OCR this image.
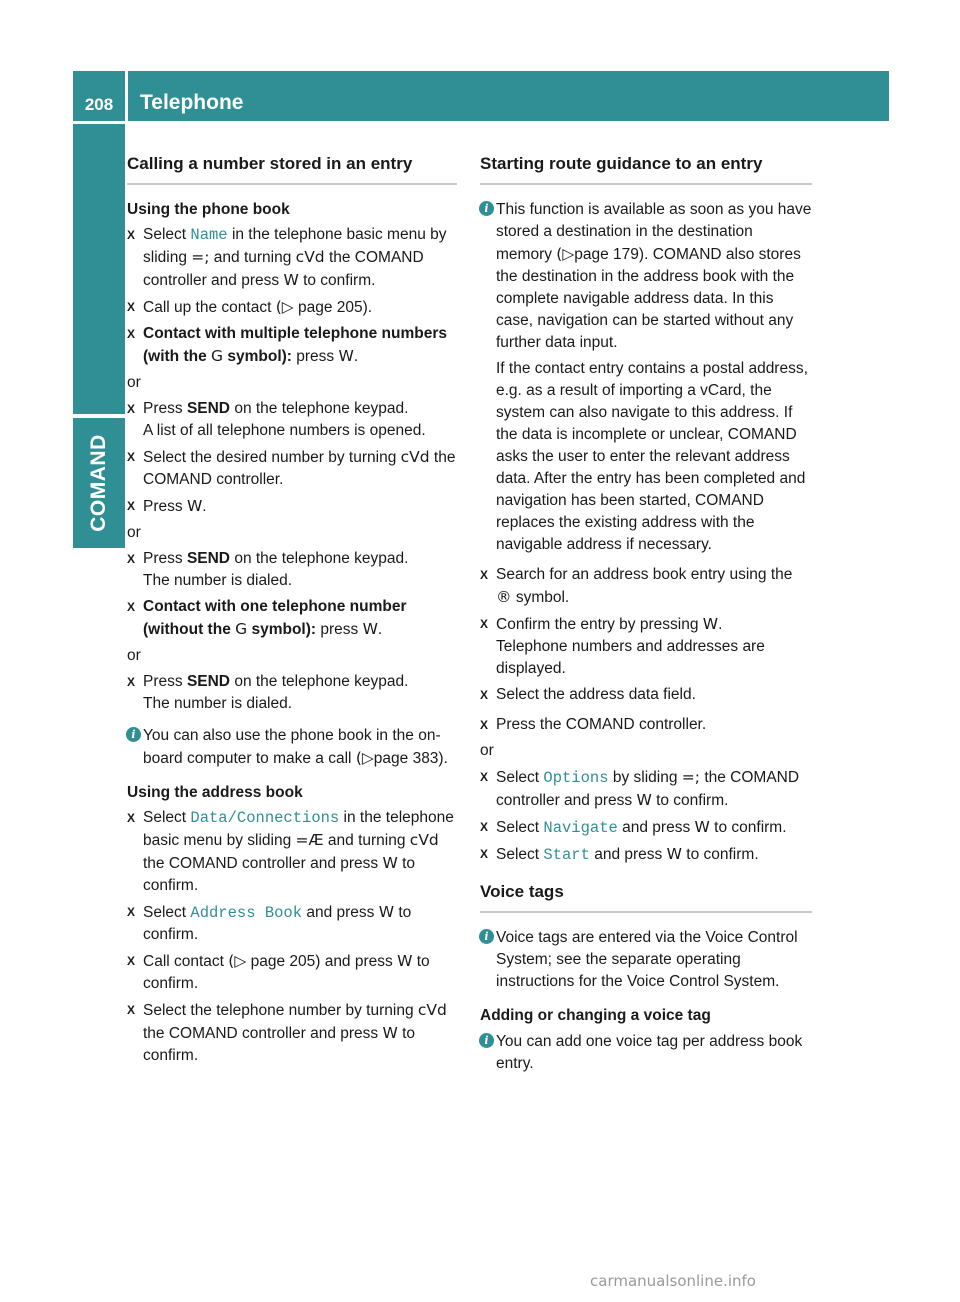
208	Telephone
COMAND
Calling a number stored in an entry
Using the phone book
X Select Name in the telephone basic menu by sliding =; and turning cVd the COMAND controller and press W to confirm.
X Call up the contact (▷ page 205).
X Contact with multiple telephone numbers (with the G symbol): press W.
or
X Press SEND on the telephone keypad.
A list of all telephone numbers is opened.
X Select the desired number by turning cVd the COMAND controller.
X Press W.
or
X Press SEND on the telephone keypad.
The number is dialed.
X Contact with one telephone number (without the G symbol): press W.
or
X Press SEND on the telephone keypad.
The number is dialed.
i You can also use the phone book in the on-board computer to make a call (▷page 383).

Using the address book
X Select Data/Connections in the telephone basic menu by sliding =Æ and turning cVd the COMAND controller and press W to confirm.
X Select Address Book and press W to confirm.
X Call contact (▷ page 205) and press W to confirm.
X Select the telephone number by turning cVd the COMAND controller and press W to confirm.
Starting route guidance to an entry
i This function is available as soon as you have stored a destination in the destination memory (▷page 179). COMAND also stores the destination in the address book with the complete navigable address data. In this case, navigation can be started without any further data input.

If the contact entry contains a postal address, e.g. as a result of importing a vCard, the system can also navigate to this address. If the data is incomplete or unclear, COMAND asks the user to enter the relevant address data. After the entry has been completed and navigation has been started, COMAND replaces the existing address with the navigable address if necessary.

X Search for an address book entry using the ® symbol.
X Confirm the entry by pressing W.
Telephone numbers and addresses are displayed.
X Select the address data field.
X Press the COMAND controller.
or
X Select Options by sliding =; the COMAND controller and press W to confirm.
X Select Navigate and press W to confirm.
X Select Start and press W to confirm.
Voice tags
i Voice tags are entered via the Voice Control System; see the separate operating instructions for the Voice Control System.

Adding or changing a voice tag
i You can add one voice tag per address book entry.

carmanualsonline.info
